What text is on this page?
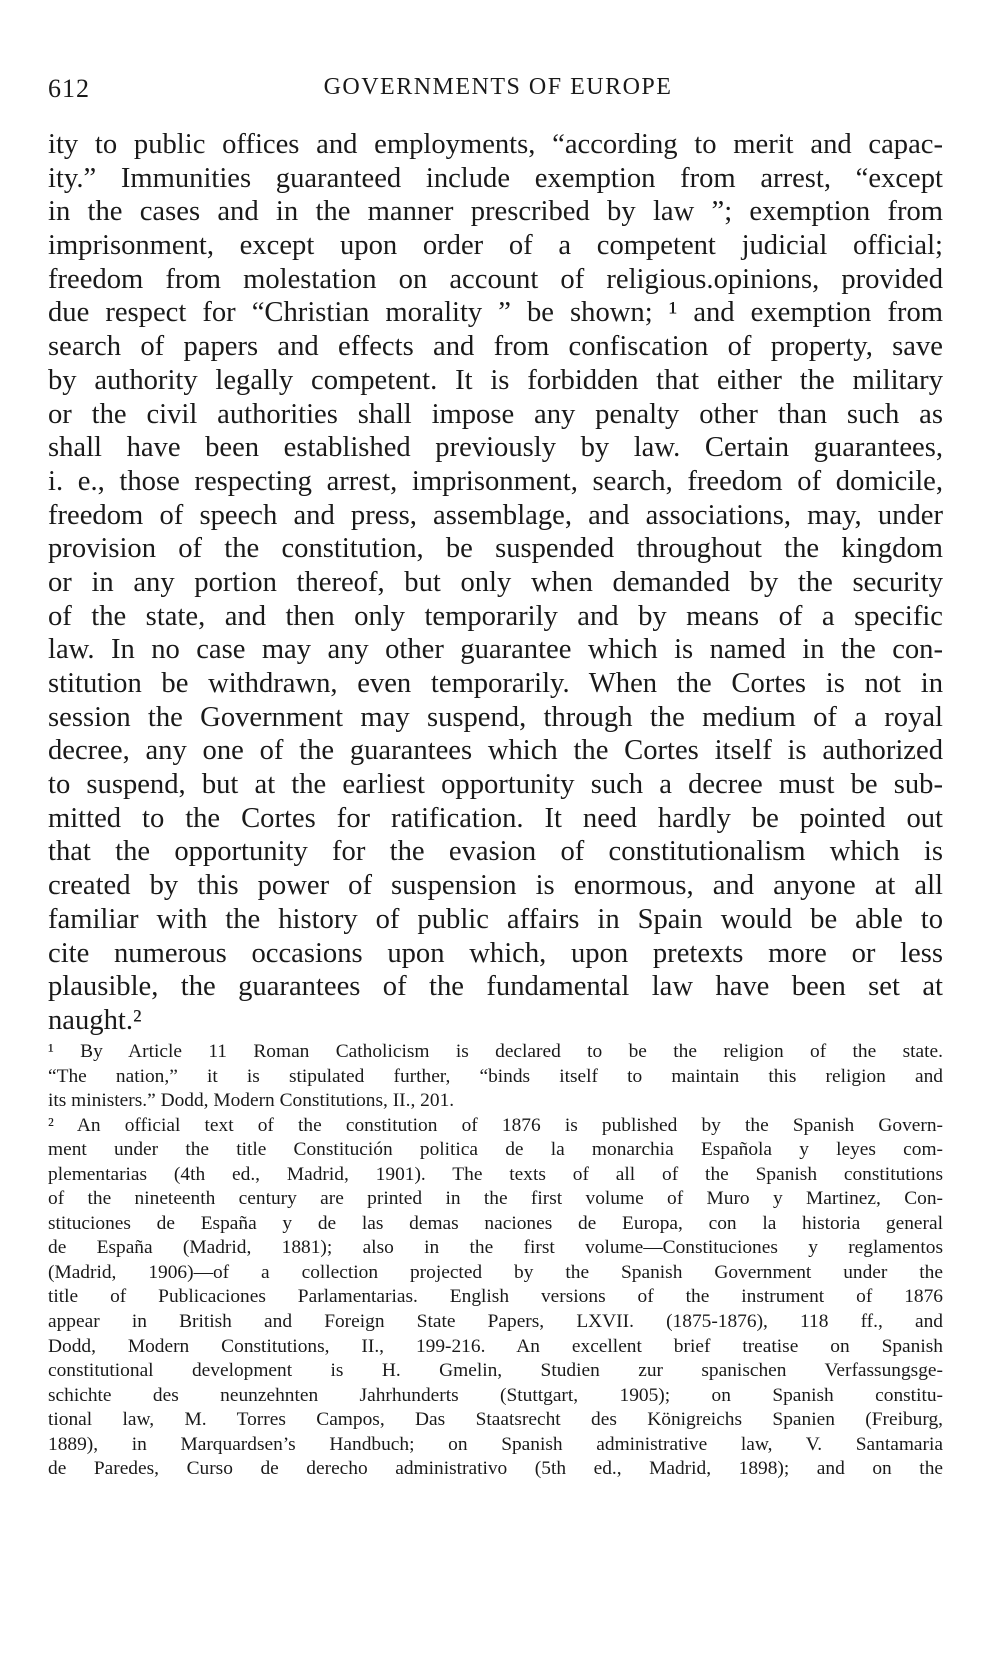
612	GOVERNMENTS OF EUROPE
ity to public offices and employments, “according to merit and capac-
ity.” Immunities guaranteed include exemption from arrest, “except
in the cases and in the manner prescribed by law ”; exemption from
imprisonment, except upon order of a competent judicial official;
freedom from molestation on account of religious.opinions, provided
due respect for “Christian morality ” be shown; ¹ and exemption from
search of papers and effects and from confiscation of property, save
by authority legally competent. It is forbidden that either the military
or the civil authorities shall impose any penalty other than such as
shall have been established previously by law. Certain guarantees,
i. e., those respecting arrest, imprisonment, search, freedom of domicile,
freedom of speech and press, assemblage, and associations, may, under
provision of the constitution, be suspended throughout the kingdom
or in any portion thereof, but only when demanded by the security
of the state, and then only temporarily and by means of a specific
law. In no case may any other guarantee which is named in the con-
stitution be withdrawn, even temporarily. When the Cortes is not in
session the Government may suspend, through the medium of a royal
decree, any one of the guarantees which the Cortes itself is authorized
to suspend, but at the earliest opportunity such a decree must be sub-
mitted to the Cortes for ratification. It need hardly be pointed out
that the opportunity for the evasion of constitutionalism which is
created by this power of suspension is enormous, and anyone at all
familiar with the history of public affairs in Spain would be able to
cite numerous occasions upon which, upon pretexts more or less
plausible, the guarantees of the fundamental law have been set at
naught.²
¹ By Article 11 Roman Catholicism is declared to be the religion of the state.
“The nation,” it is stipulated further, “binds itself to maintain this religion and
its ministers.” Dodd, Modern Constitutions, II., 201.
² An official text of the constitution of 1876 is published by the Spanish Govern-
ment under the title Constitución politica de la monarchia Española y leyes com-
plementarias (4th ed., Madrid, 1901). The texts of all of the Spanish constitutions
of the nineteenth century are printed in the first volume of Muro y Martinez, Con-
stituciones de España y de las demas naciones de Europa, con la historia general
de España (Madrid, 1881); also in the first volume—Constituciones y reglamentos
(Madrid, 1906)—of a collection projected by the Spanish Government under the
title of Publicaciones Parlamentarias. English versions of the instrument of 1876
appear in British and Foreign State Papers, LXVII. (1875-1876), 118 ff., and
Dodd, Modern Constitutions, II., 199-216. An excellent brief treatise on Spanish
constitutional development is H. Gmelin, Studien zur spanischen Verfassungsge-
schichte des neunzehnten Jahrhunderts (Stuttgart, 1905); on Spanish constitu-
tional law, M. Torres Campos, Das Staatsrecht des Königreichs Spanien (Freiburg,
1889), in Marquardsen’s Handbuch; on Spanish administrative law, V. Santamaria
de Paredes, Curso de derecho administrativo (5th ed., Madrid, 1898); and on the
